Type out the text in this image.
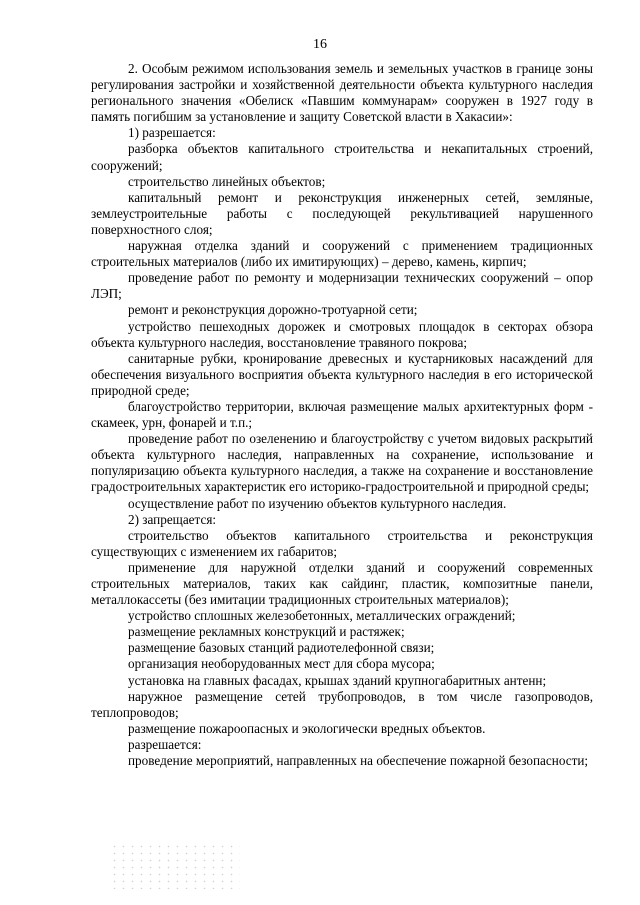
16

2. Особым режимом использования земель и земельных участков в границе зоны регулирования застройки и хозяйственной деятельности объекта культурного наследия регионального значения «Обелиск «Павшим коммунарам» сооружен в 1927 году в память погибшим за установление и защиту Советской власти в Хакасии»:

1) разрешается:

разборка объектов капитального строительства и некапитальных строений, сооружений;

строительство линейных объектов;

капитальный ремонт и реконструкция инженерных сетей, земляные, землеустроительные работы с последующей рекультивацией нарушенного поверхностного слоя;

наружная отделка зданий и сооружений с применением традиционных строительных материалов (либо их имитирующих) – дерево, камень, кирпич;

проведение работ по ремонту и модернизации технических сооружений – опор ЛЭП;

ремонт и реконструкция дорожно-тротуарной сети;

устройство пешеходных дорожек и смотровых площадок в секторах обзора объекта культурного наследия, восстановление травяного покрова;

санитарные рубки, кронирование древесных и кустарниковых насаждений для обеспечения визуального восприятия объекта культурного наследия в его исторической природной среде;

благоустройство территории, включая размещение малых архитектурных форм - скамеек, урн, фонарей и т.п.;

проведение работ по озеленению и благоустройству с учетом видовых раскрытий объекта культурного наследия, направленных на сохранение, использование и популяризацию объекта культурного наследия, а также на сохранение и восстановление градостроительных характеристик его историко-градостроительной и природной среды;

осуществление работ по изучению объектов культурного наследия.

2) запрещается:

строительство объектов капитального строительства и реконструкция существующих с изменением их габаритов;

применение для наружной отделки зданий и сооружений современных строительных материалов, таких как сайдинг, пластик, композитные панели, металлокассеты (без имитации традиционных строительных материалов);

устройство сплошных железобетонных, металлических ограждений;

размещение рекламных конструкций и растяжек;

размещение базовых станций радиотелефонной связи;

организация необорудованных мест для сбора мусора;

установка на главных фасадах, крышах зданий крупногабаритных антенн;

наружное размещение сетей трубопроводов, в том числе газопроводов, теплопроводов;

размещение пожароопасных и экологически вредных объектов.

разрешается:

проведение мероприятий, направленных на обеспечение пожарной безопасности;
